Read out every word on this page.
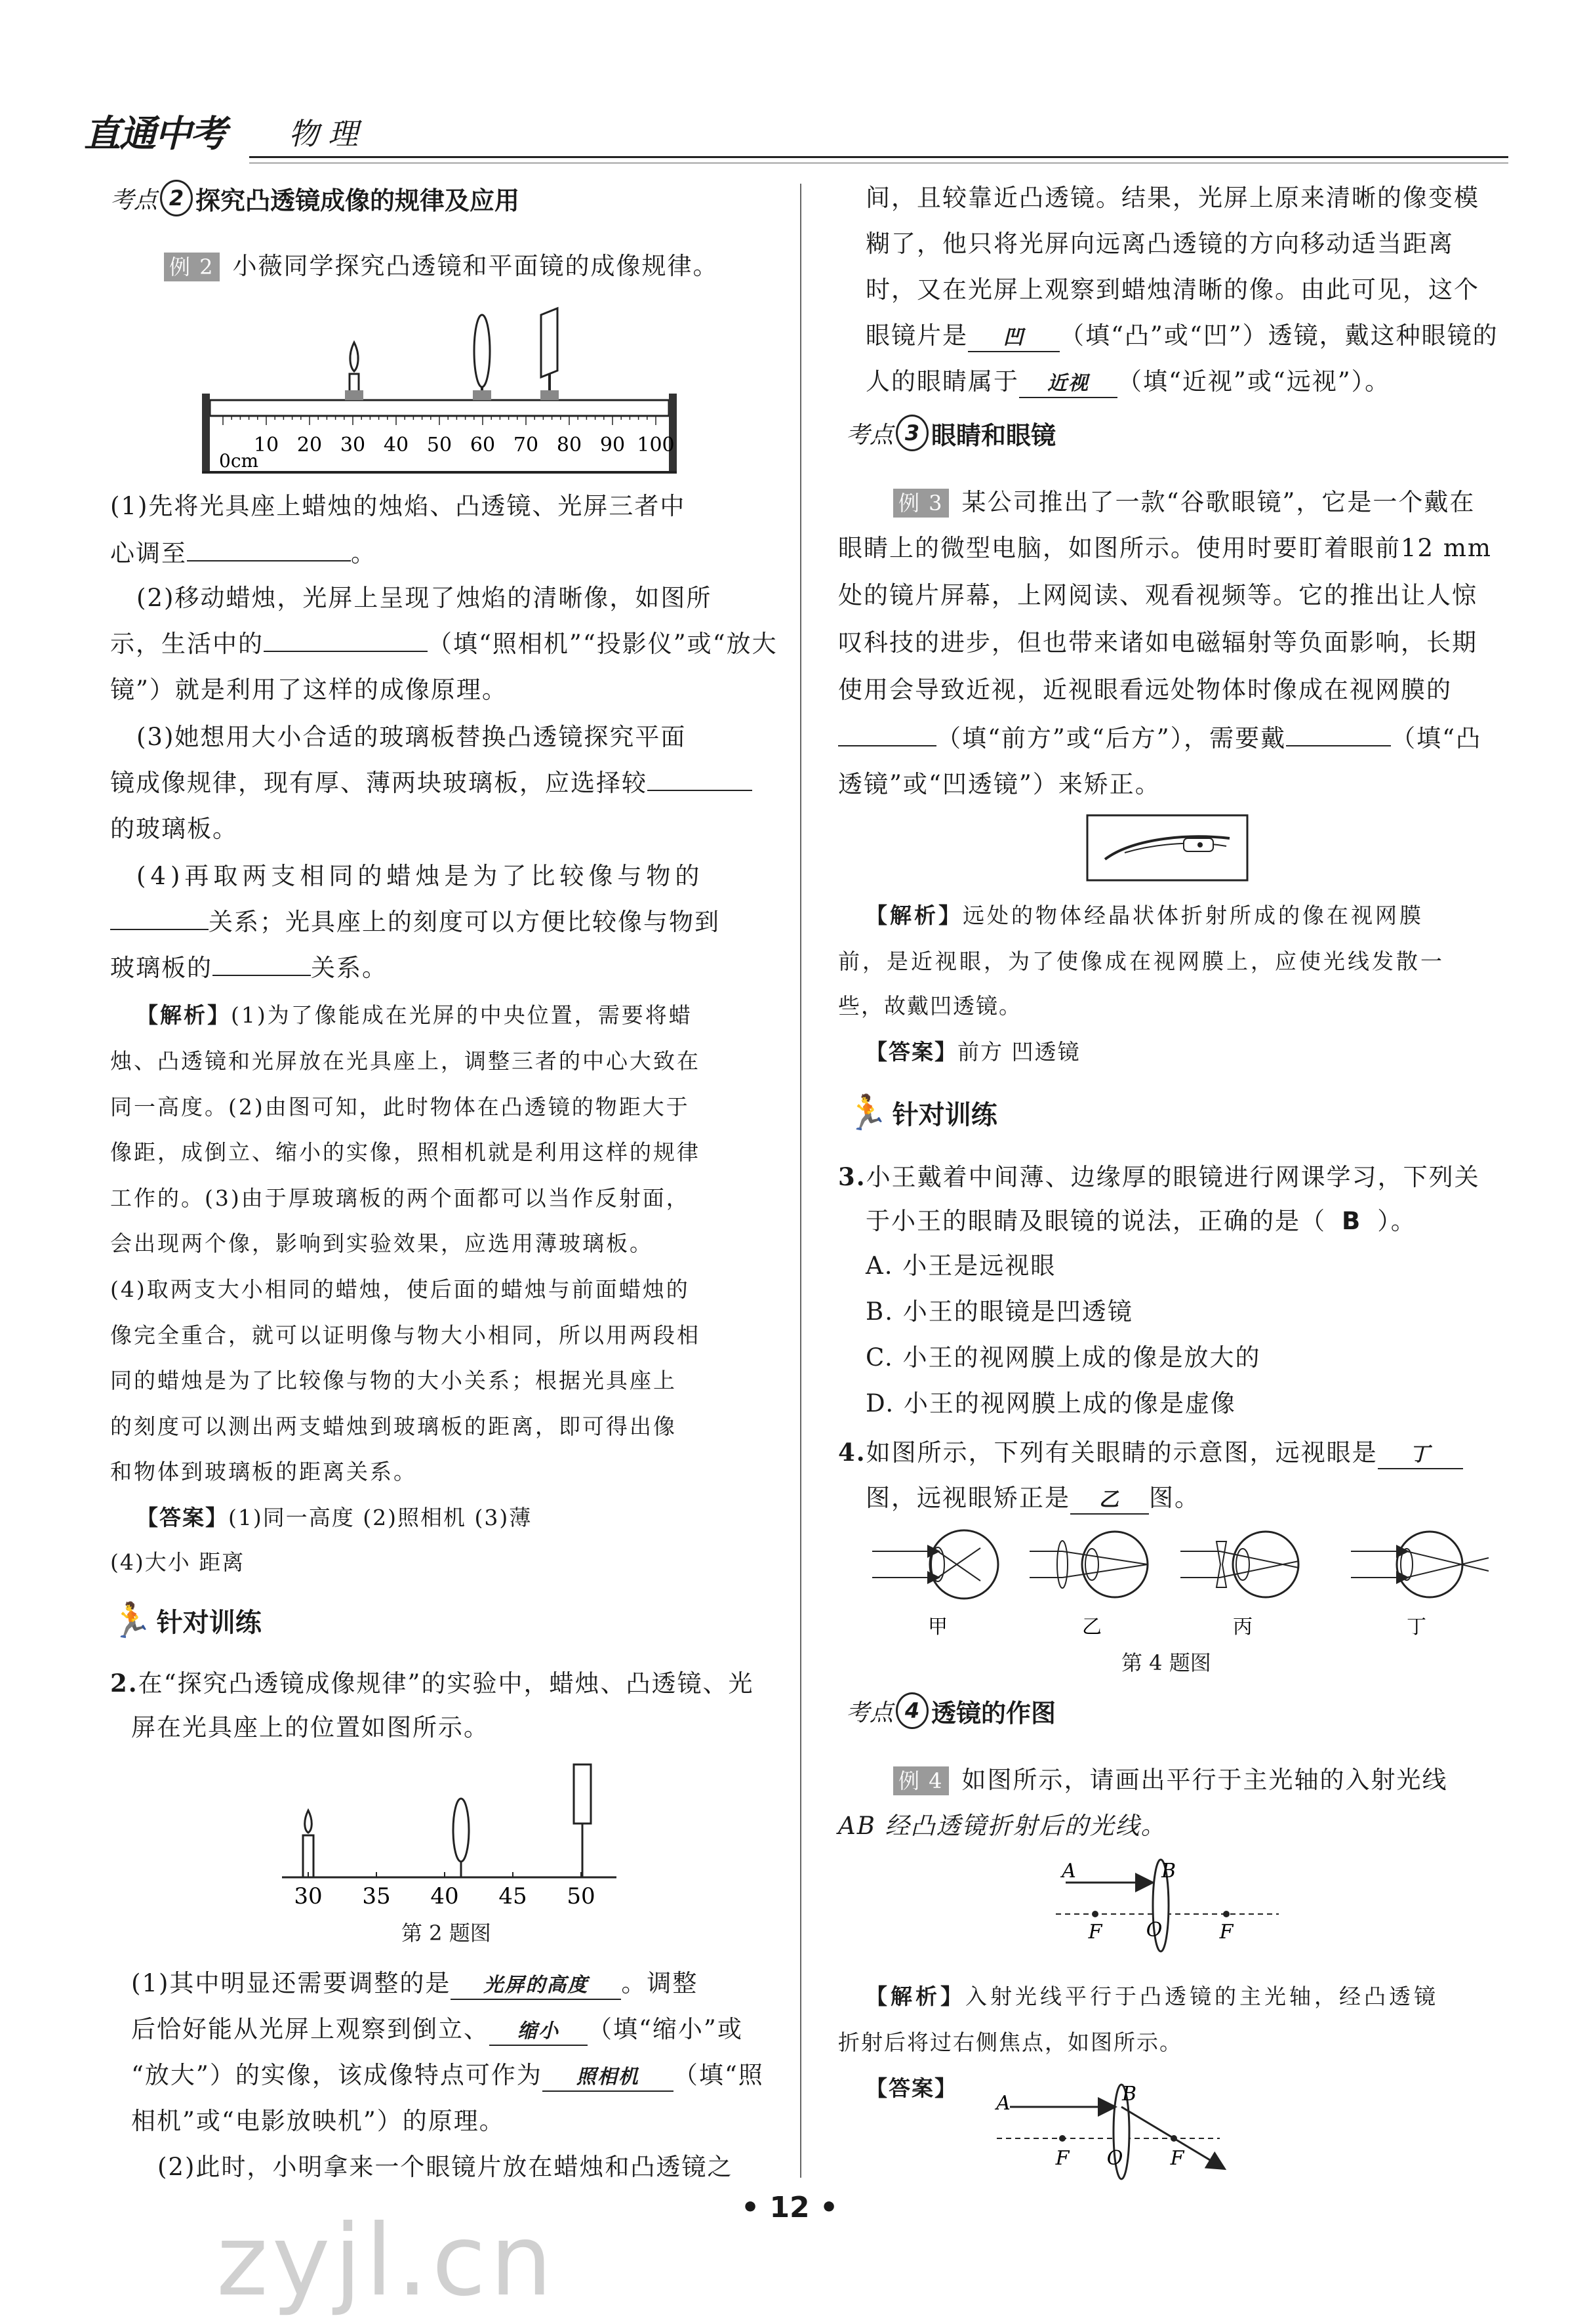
直通中考 物理
考点 2 探究凸透镜成像的规律及应用
例 2 小薇同学探究凸透镜和平面镜的成像规律。
10 20 30 40 50 60 70 80 90 100
0cm
(1)先将光具座上蜡烛的烛焰、凸透镜、光屏三者中
心调至	。
(2)移动蜡烛，光屏上呈现了烛焰的清晰像，如图所
示，生活中的	（填“照相机”“投影仪”或“放大
镜”）就是利用了这样的成像原理。
(3)她想用大小合适的玻璃板替换凸透镜探究平面
镜成像规律，现有厚、薄两块玻璃板，应选择较
的玻璃板。
(4)再取两支相同的蜡烛是为了比较像与物的
关系；光具座上的刻度可以方便比较像与物到
玻璃板的	关系。
【解析】(1)为了像能成在光屏的中央位置，需要将蜡
【答案】(1)同一高度 (2)照相机 (3)薄
(4)大小 距离
🏃 针对训练
2.在“探究凸透镜成像规律”的实验中，蜡烛、凸透镜、光
屏在光具座上的位置如图所示。
30 35 40 45 50
第 2 题图
(1)其中明显还需要调整的是 光屏的高度 。调整
后恰好能从光屏上观察到倒立、 缩小 （填“缩小”或
“放大”）的实像，该成像特点可作为 照相机 （填“照
相机”或“电影放映机”）的原理。
(2)此时，小明拿来一个眼镜片放在蜡烛和凸透镜之
间，且较靠近凸透镜。结果，光屏上原来清晰的像变模
糊了，他只将光屏向远离凸透镜的方向移动适当距离
时，又在光屏上观察到蜡烛清晰的像。由此可见，这个
眼镜片是 凹 （填“凸”或“凹”）透镜，戴这种眼镜的
人的眼睛属于 近视 （填“近视”或“远视”）。
考点 3 眼睛和眼镜
例 3 某公司推出了一款“谷歌眼镜”，它是一个戴在
（填“前方”或“后方”），需要戴	（填“凸
透镜”或“凹透镜”）来矫正。
【解析】远处的物体经晶状体折射所成的像在视网膜
前，是近视眼，为了使像成在视网膜上，应使光线发散一
些，故戴凹透镜。
【答案】前方 凹透镜
🏃 针对训练
3.小王戴着中间薄、边缘厚的眼镜进行网课学习，下列关
于小王的眼睛及眼镜的说法，正确的是（ B ）。
4.如图所示，下列有关眼睛的示意图，远视眼是 丁
图，远视眼矫正是 乙 图。
甲	乙	丙	丁
第 4 题图
考点 4 透镜的作图
例 4 如图所示，请画出平行于主光轴的入射光线
AB 经凸透镜折射后的光线。
A	B
F O	F
【解析】入射光线平行于凸透镜的主光轴，经凸透镜
折射后将过右侧焦点，如图所示。
【答案】
A	B
F O F
• 12 •
zyjl.cn
烛、凸透镜和光屏放在光具座上，调整三者的中心大致在
同一高度。(2)由图可知，此时物体在凸透镜的物距大于
像距，成倒立、缩小的实像，照相机就是利用这样的规律
工作的。(3)由于厚玻璃板的两个面都可以当作反射面，
会出现两个像，影响到实验效果，应选用薄玻璃板。
(4)取两支大小相同的蜡烛，使后面的蜡烛与前面蜡烛的
像完全重合，就可以证明像与物大小相同，所以用两段相
同的蜡烛是为了比较像与物的大小关系；根据光具座上
的刻度可以测出两支蜡烛到玻璃板的距离，即可得出像
和物体到玻璃板的距离关系。
眼睛上的微型电脑，如图所示。使用时要盯着眼前12 mm
处的镜片屏幕，上网阅读、观看视频等。它的推出让人惊
叹科技的进步，但也带来诸如电磁辐射等负面影响，长期
使用会导致近视，近视眼看远处物体时像成在视网膜的
A. 小王是远视眼
B. 小王的眼镜是凹透镜
C. 小王的视网膜上成的像是放大的
D. 小王的视网膜上成的像是虚像
